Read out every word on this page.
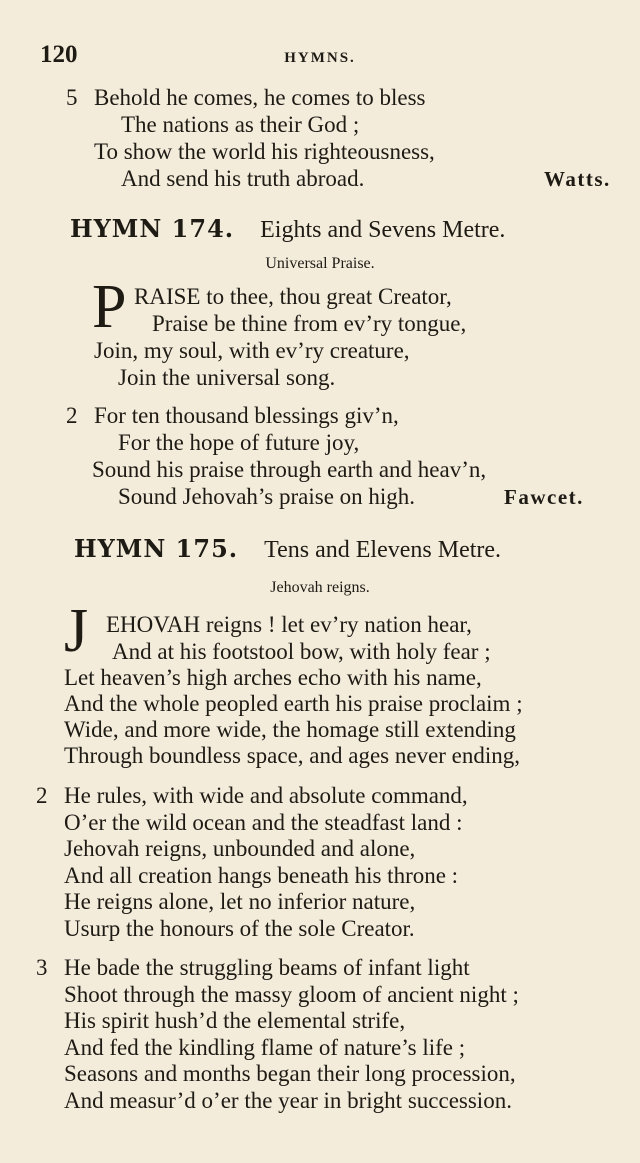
120	HYMNS.
5 Behold he comes, he comes to bless
The nations as their God ;
To show the world his righteousness,
And send his truth abroad.	Watts.
HYMN 174. Eights and Sevens Metre.
Universal Praise.
P RAISE to thee, thou great Creator,
Praise be thine from ev’ry tongue,
Join, my soul, with ev’ry creature,
Join the universal song.
2 For ten thousand blessings giv’n,
For the hope of future joy,
Sound his praise through earth and heav’n,
Sound Jehovah’s praise on high.	Fawcet.
HYMN 175. Tens and Elevens Metre.
Jehovah reigns.
J EHOVAH reigns ! let ev’ry nation hear,
And at his footstool bow, with holy fear ;
Let heaven’s high arches echo with his name,
And the whole peopled earth his praise proclaim ;
Wide, and more wide, the homage still extending
Through boundless space, and ages never ending,
2 He rules, with wide and absolute command,
O’er the wild ocean and the steadfast land :
Jehovah reigns, unbounded and alone,
And all creation hangs beneath his throne :
He reigns alone, let no inferior nature,
Usurp the honours of the sole Creator.
3 He bade the struggling beams of infant light
Shoot through the massy gloom of ancient night ;
His spirit hush’d the elemental strife,
And fed the kindling flame of nature’s life ;
Seasons and months began their long procession,
And measur’d o’er the year in bright succession.
